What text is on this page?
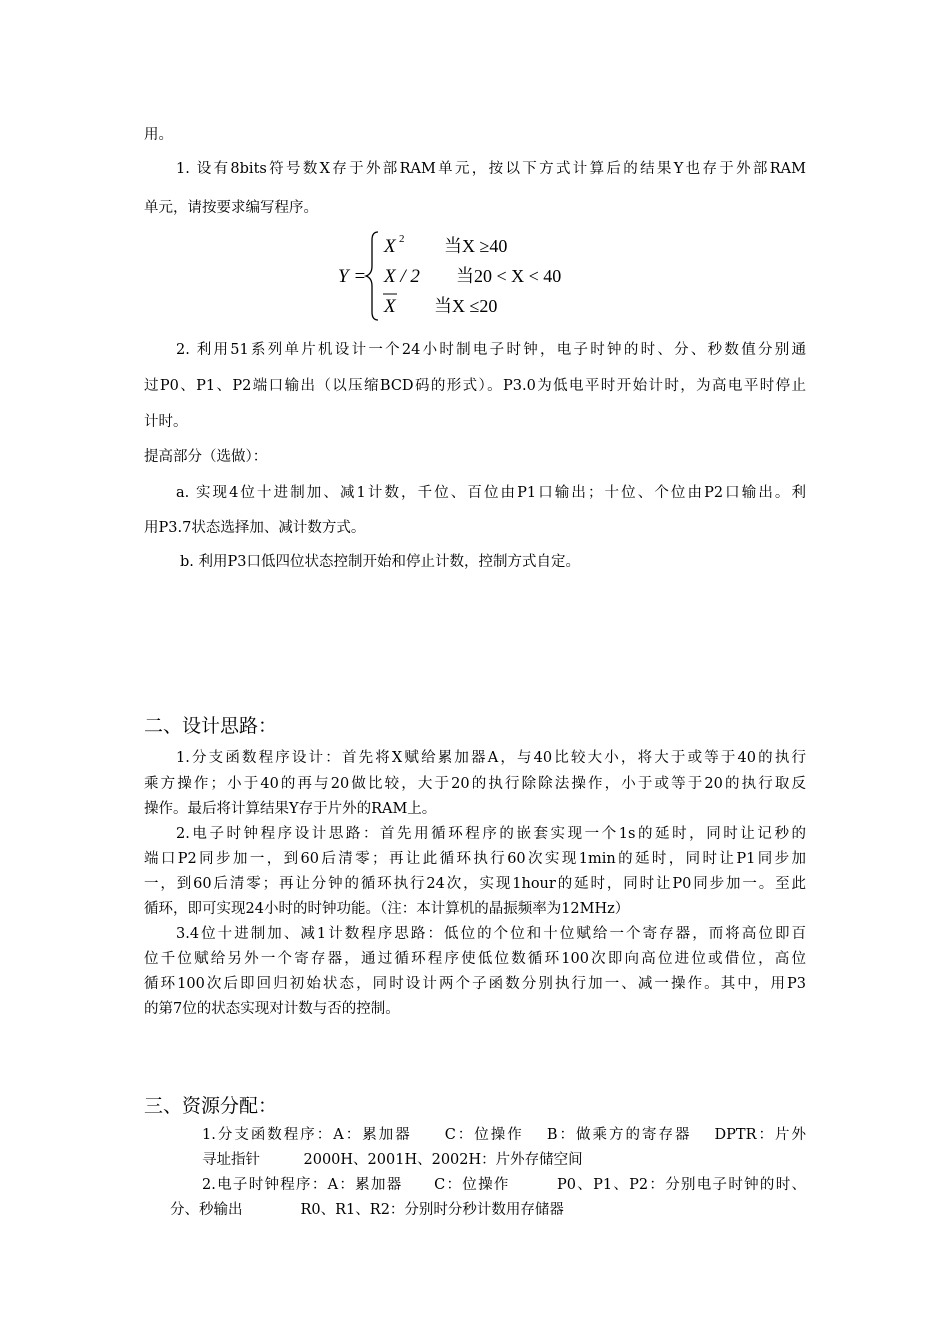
用。
1. 设有8bits符号数X存于外部RAM单元，按以下方式计算后的结果Y也存于外部RAM
单元，请按要求编写程序。
Y =
X 2 当X ≥40
X / 2 当20 < X < 40
X 当X ≤20
2. 利用51系列单片机设计一个24小时制电子时钟，电子时钟的时、分、秒数值分别通
过P0、P1、P2端口输出（以压缩BCD码的形式）。P3.0为低电平时开始计时，为高电平时停止
计时。
提高部分（选做）：
a. 实现4位十进制加、减1计数，千位、百位由P1口输出；十位、个位由P2口输出。利
用P3.7状态选择加、减计数方式。
b. 利用P3口低四位状态控制开始和停止计数，控制方式自定。
二、设计思路：
1.分支函数程序设计：首先将X赋给累加器A，与40比较大小，将大于或等于40的执行
乘方操作；小于40的再与20做比较，大于20的执行除除法操作，小于或等于20的执行取反
操作。最后将计算结果Y存于片外的RAM上。
2.电子时钟程序设计思路：首先用循环程序的嵌套实现一个1s的延时，同时让记秒的
端口P2同步加一，到60后清零；再让此循环执行60次实现1min的延时，同时让P1同步加
一，到60后清零；再让分钟的循环执行24次，实现1hour的延时，同时让P0同步加一。至此
循环，即可实现24小时的时钟功能。（注：本计算机的晶振频率为12MHz）
3.4位十进制加、减1计数程序思路：低位的个位和十位赋给一个寄存器，而将高位即百
位千位赋给另外一个寄存器，通过循环程序使低位数循环100次即向高位进位或借位，高位
循环100次后即回归初始状态，同时设计两个子函数分别执行加一、减一操作。其中，用P3
的第7位的状态实现对计数与否的控制。
三、资源分配：
1.分支函数程序：A：累加器　　C：位操作　 B：做乘方的寄存器　 DPTR：片外
寻址指针　　　2000H、2001H、2002H：片外存储空间
2.电子时钟程序：A：累加器　　C：位操作　　　P0、P1、P2：分别电子时钟的时、
分、秒输出　　　　R0、R1、R2：分别时分秒计数用存储器
